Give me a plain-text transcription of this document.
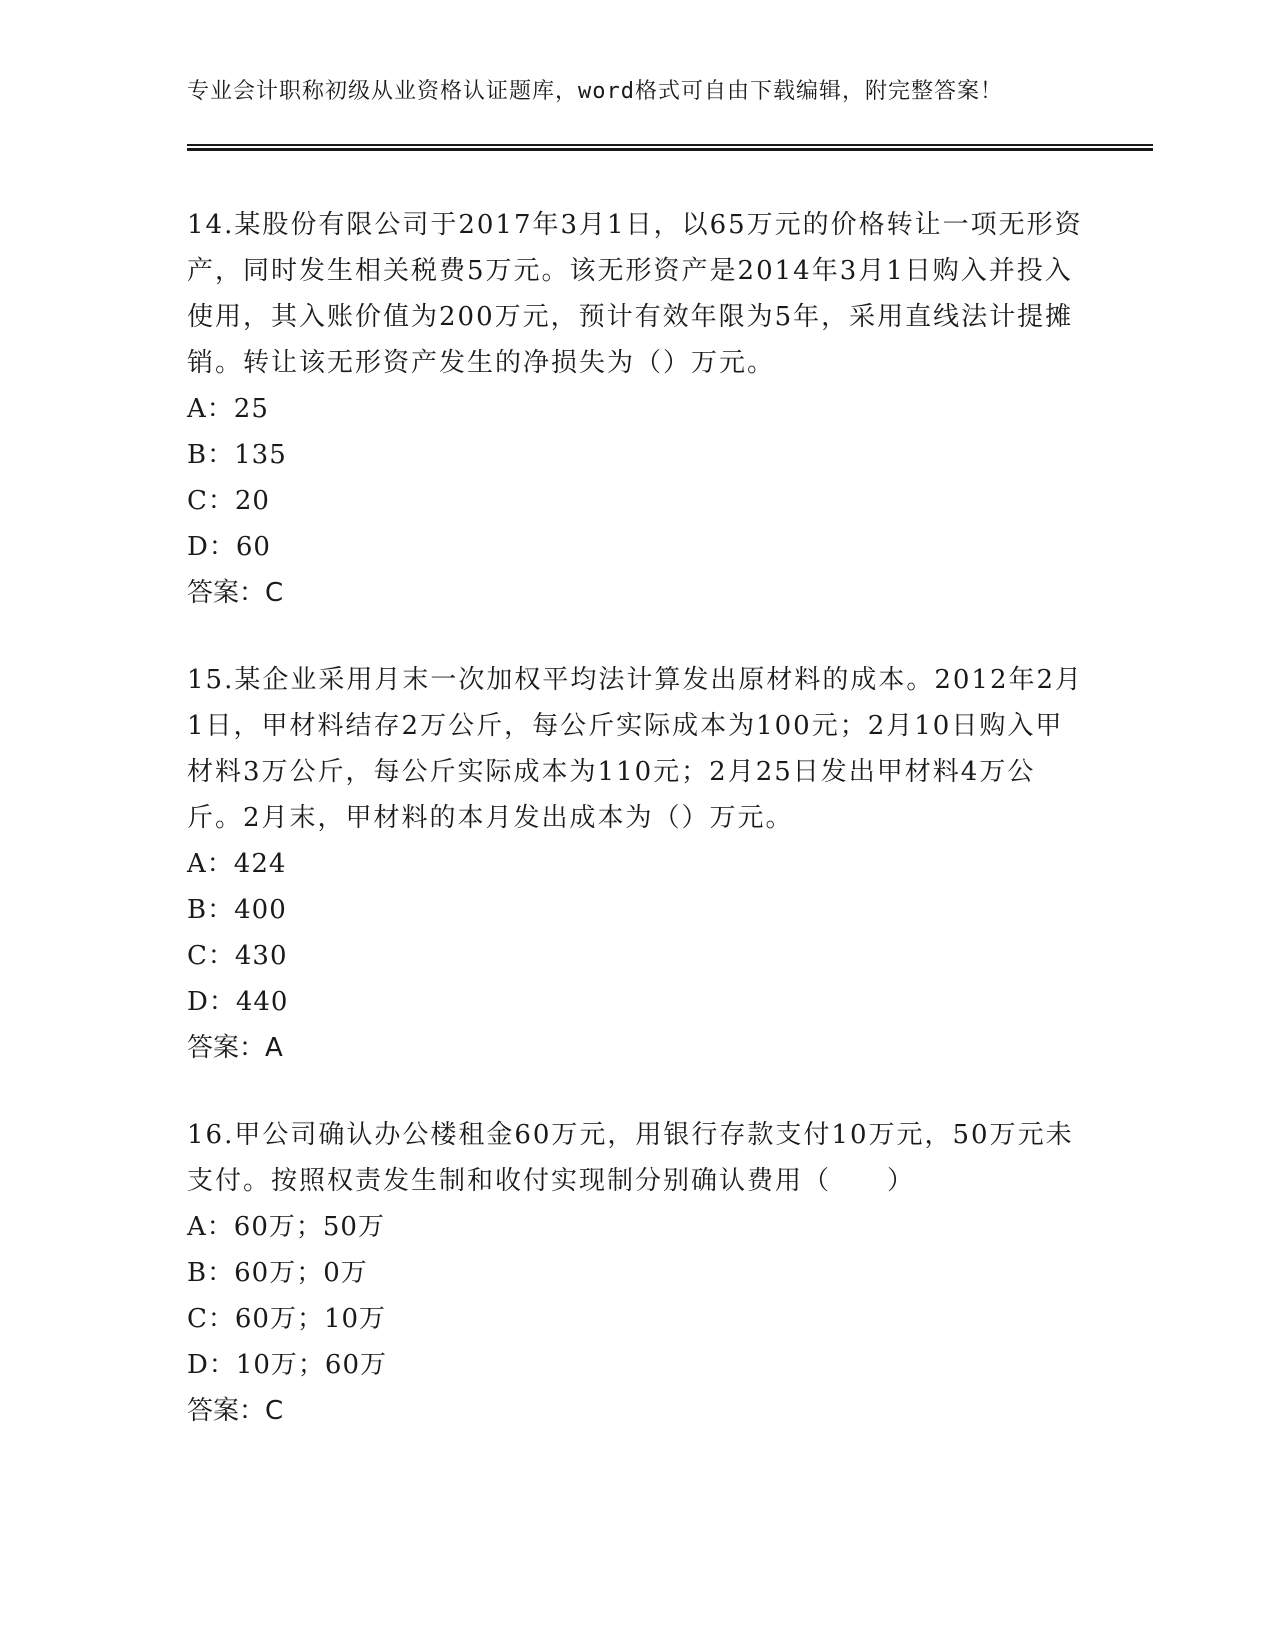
专业会计职称初级从业资格认证题库，word格式可自由下载编辑，附完整答案！

14.某股份有限公司于2017年3月1日，以65万元的价格转让一项无形资产，同时发生相关税费5万元。该无形资产是2014年3月1日购入并投入使用，其入账价值为200万元，预计有效年限为5年，采用直线法计提摊销。转让该无形资产发生的净损失为（）万元。

A：25

B：135

C：20

D：60

答案：C

15.某企业采用月末一次加权平均法计算发出原材料的成本。2012年2月1日，甲材料结存2万公斤，每公斤实际成本为100元；2月10日购入甲材料3万公斤，每公斤实际成本为110元；2月25日发出甲材料4万公斤。2月末，甲材料的本月发出成本为（）万元。

A：424

B：400

C：430

D：440

答案：A

16.甲公司确认办公楼租金60万元，用银行存款支付10万元，50万元未支付。按照权责发生制和收付实现制分别确认费用（　　）

A：60万；50万

B：60万；0万

C：60万；10万

D：10万；60万

答案：C
